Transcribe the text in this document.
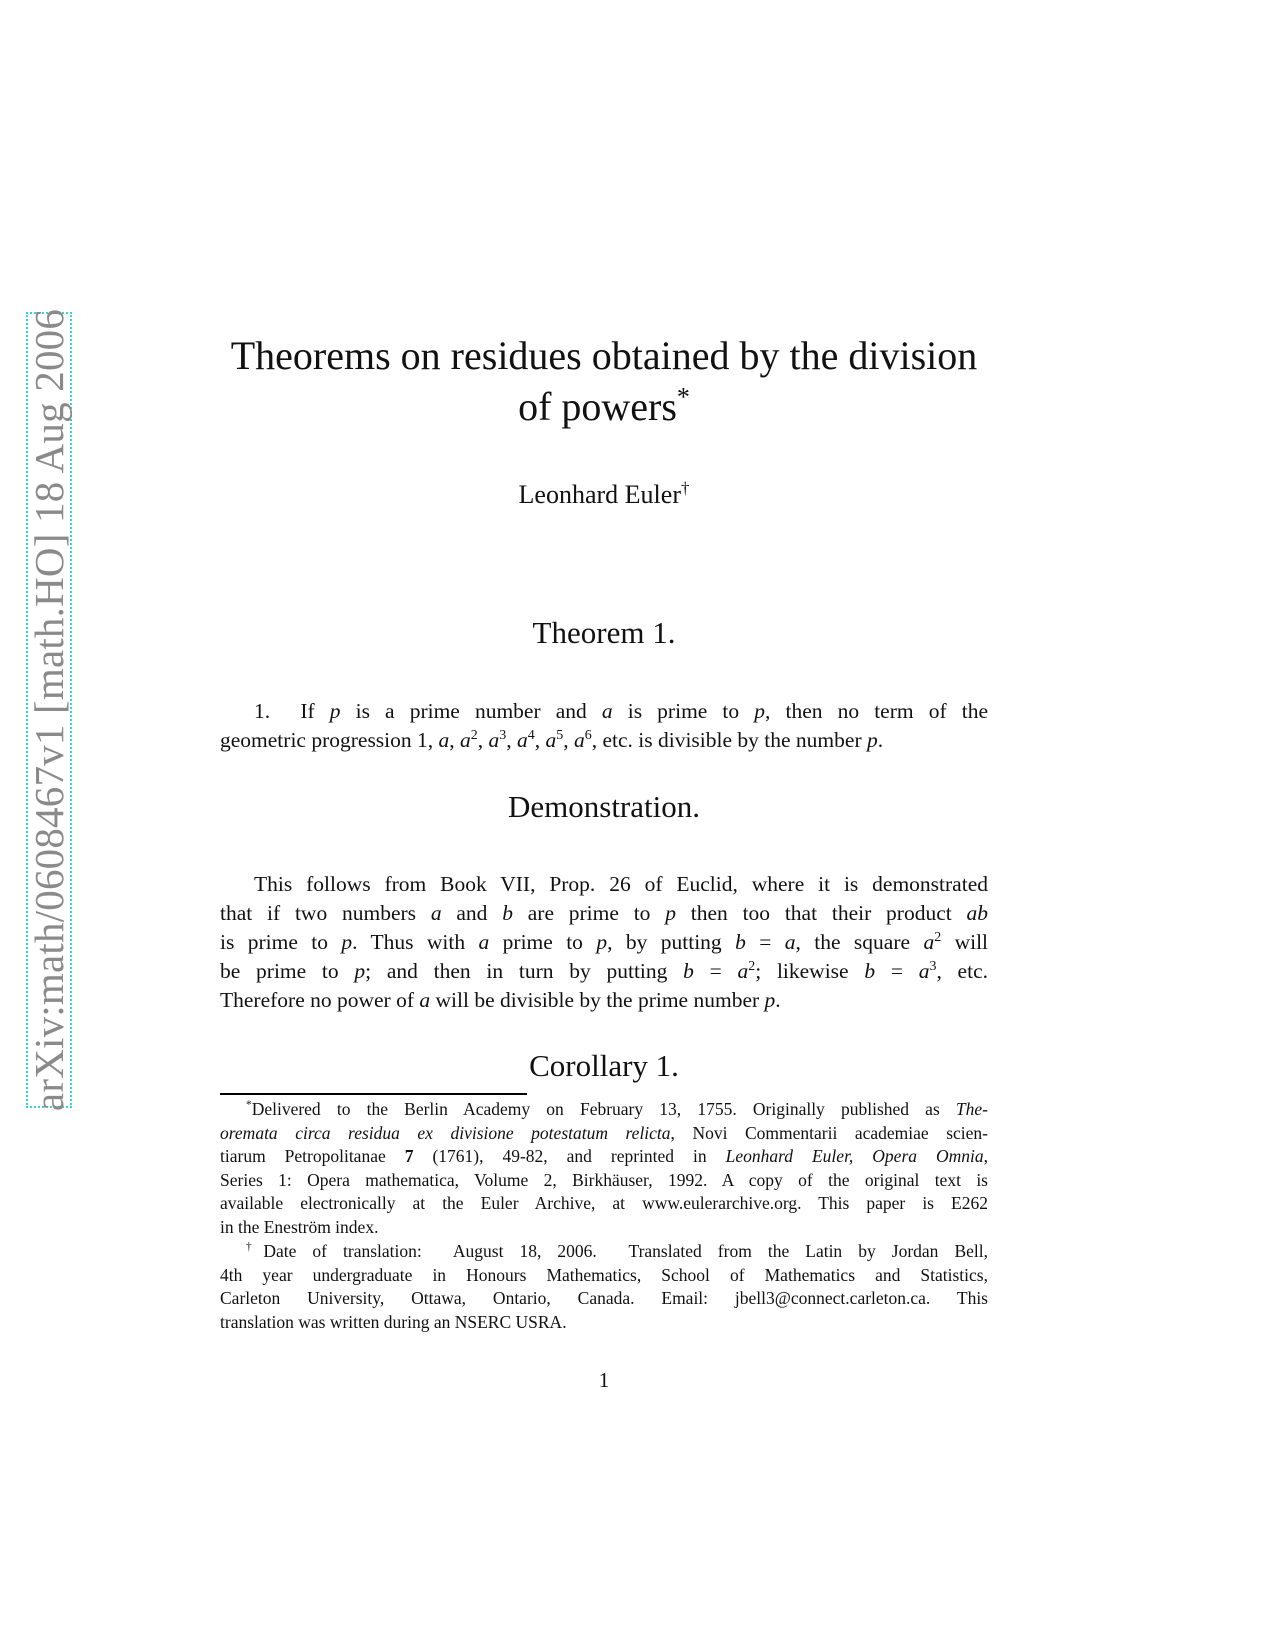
arXiv:math/0608467v1 [math.HO] 18 Aug 2006	Theorems on residues obtained by the division
of powers*
Leonhard Euler†
Theorem 1.
1.  If p is a prime number and a is prime to p, then no term of the
geometric progression 1, a, $a^2$, $a^3$, $a^4$, $a^5$, $a^6$, etc. is divisible by the number p.
Demonstration.
This follows from Book VII, Prop. 26 of Euclid, where it is demonstrated
that if two numbers a and b are prime to p then too that their product ab
is prime to p. Thus with a prime to p, by putting b = a, the square $a^2$ will
be prime to p; and then in turn by putting $b = a^2$; likewise $b = a^3$, etc.
Therefore no power of a will be divisible by the prime number p.
Corollary 1.
*Delivered to the Berlin Academy on February 13, 1755. Originally published as The-
oremata circa residua ex divisione potestatum relicta, Novi Commentarii academiae scien-
tiarum Petropolitanae 7 (1761), 49-82, and reprinted in Leonhard Euler, Opera Omnia,
Series 1: Opera mathematica, Volume 2, Birkhäuser, 1992. A copy of the original text is
available electronically at the Euler Archive, at www.eulerarchive.org. This paper is E262
in the Eneström index.
†Date of translation:  August 18, 2006.  Translated from the Latin by Jordan Bell,
4th year undergraduate in Honours Mathematics, School of Mathematics and Statistics,
Carleton University, Ottawa, Ontario, Canada. Email: jbell3@connect.carleton.ca. This
translation was written during an NSERC USRA.
1
